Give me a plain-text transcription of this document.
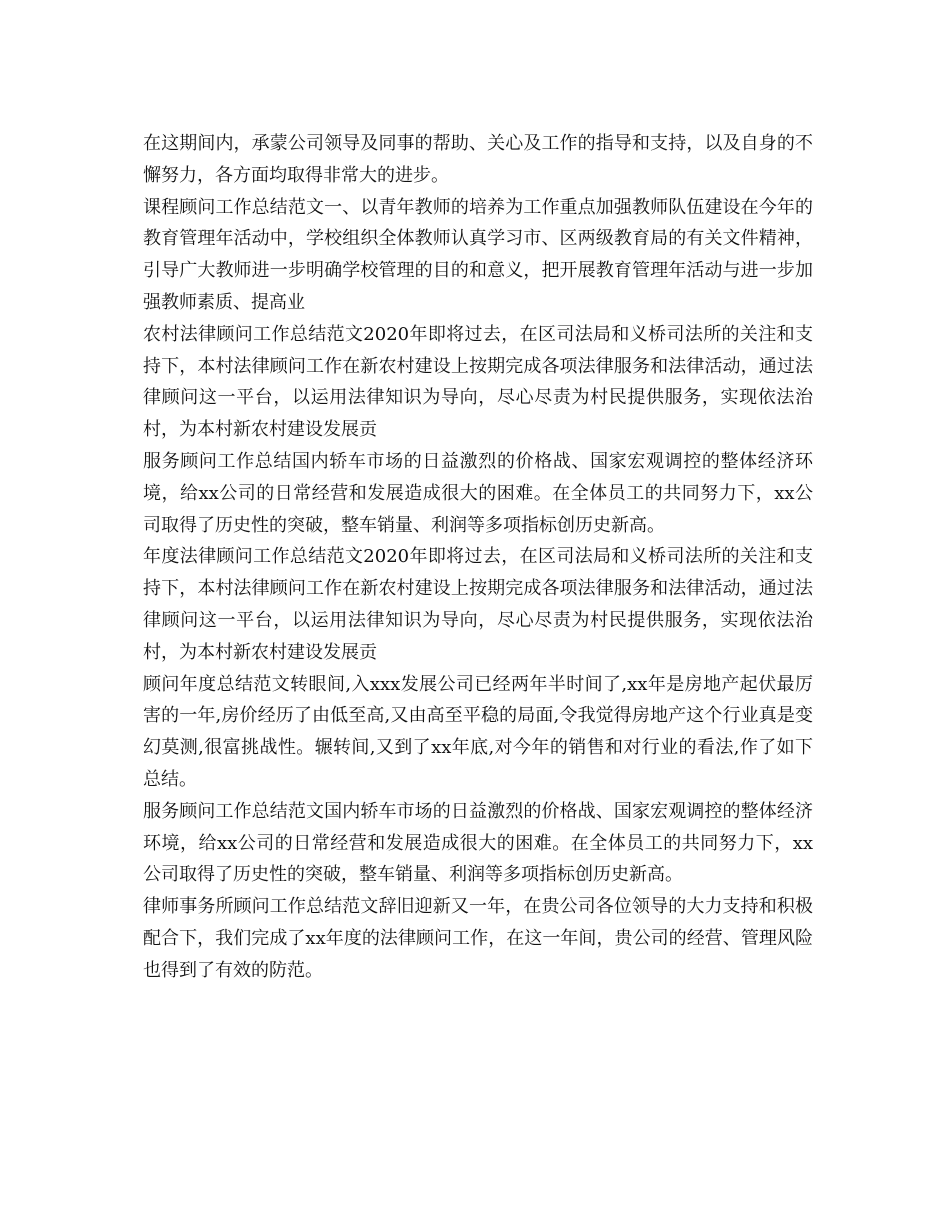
在这期间内，承蒙公司领导及同事的帮助、关心及工作的指导和支持，以及自身的不懈努力，各方面均取得非常大的进步。

课程顾问工作总结范文一、以青年教师的培养为工作重点加强教师队伍建设在今年的教育管理年活动中，学校组织全体教师认真学习市、区两级教育局的有关文件精神，引导广大教师进一步明确学校管理的目的和意义，把开展教育管理年活动与进一步加强教师素质、提高业

农村法律顾问工作总结范文2020年即将过去，在区司法局和义桥司法所的关注和支持下，本村法律顾问工作在新农村建设上按期完成各项法律服务和法律活动，通过法律顾问这一平台，以运用法律知识为导向，尽心尽责为村民提供服务，实现依法治村，为本村新农村建设发展贡

服务顾问工作总结国内轿车市场的日益激烈的价格战、国家宏观调控的整体经济环境，给xx公司的日常经营和发展造成很大的困难。在全体员工的共同努力下，xx公司取得了历史性的突破，整车销量、利润等多项指标创历史新高。

年度法律顾问工作总结范文2020年即将过去，在区司法局和义桥司法所的关注和支持下，本村法律顾问工作在新农村建设上按期完成各项法律服务和法律活动，通过法律顾问这一平台，以运用法律知识为导向，尽心尽责为村民提供服务，实现依法治村，为本村新农村建设发展贡

顾问年度总结范文转眼间,入xxx发展公司已经两年半时间了,xx年是房地产起伏最厉害的一年,房价经历了由低至高,又由高至平稳的局面,令我觉得房地产这个行业真是变幻莫测,很富挑战性。辗转间,又到了xx年底,对今年的销售和对行业的看法,作了如下总结。

服务顾问工作总结范文国内轿车市场的日益激烈的价格战、国家宏观调控的整体经济环境，给xx公司的日常经营和发展造成很大的困难。在全体员工的共同努力下，xx公司取得了历史性的突破，整车销量、利润等多项指标创历史新高。

律师事务所顾问工作总结范文辞旧迎新又一年，在贵公司各位领导的大力支持和积极配合下，我们完成了xx年度的法律顾问工作，在这一年间，贵公司的经营、管理风险也得到了有效的防范。
